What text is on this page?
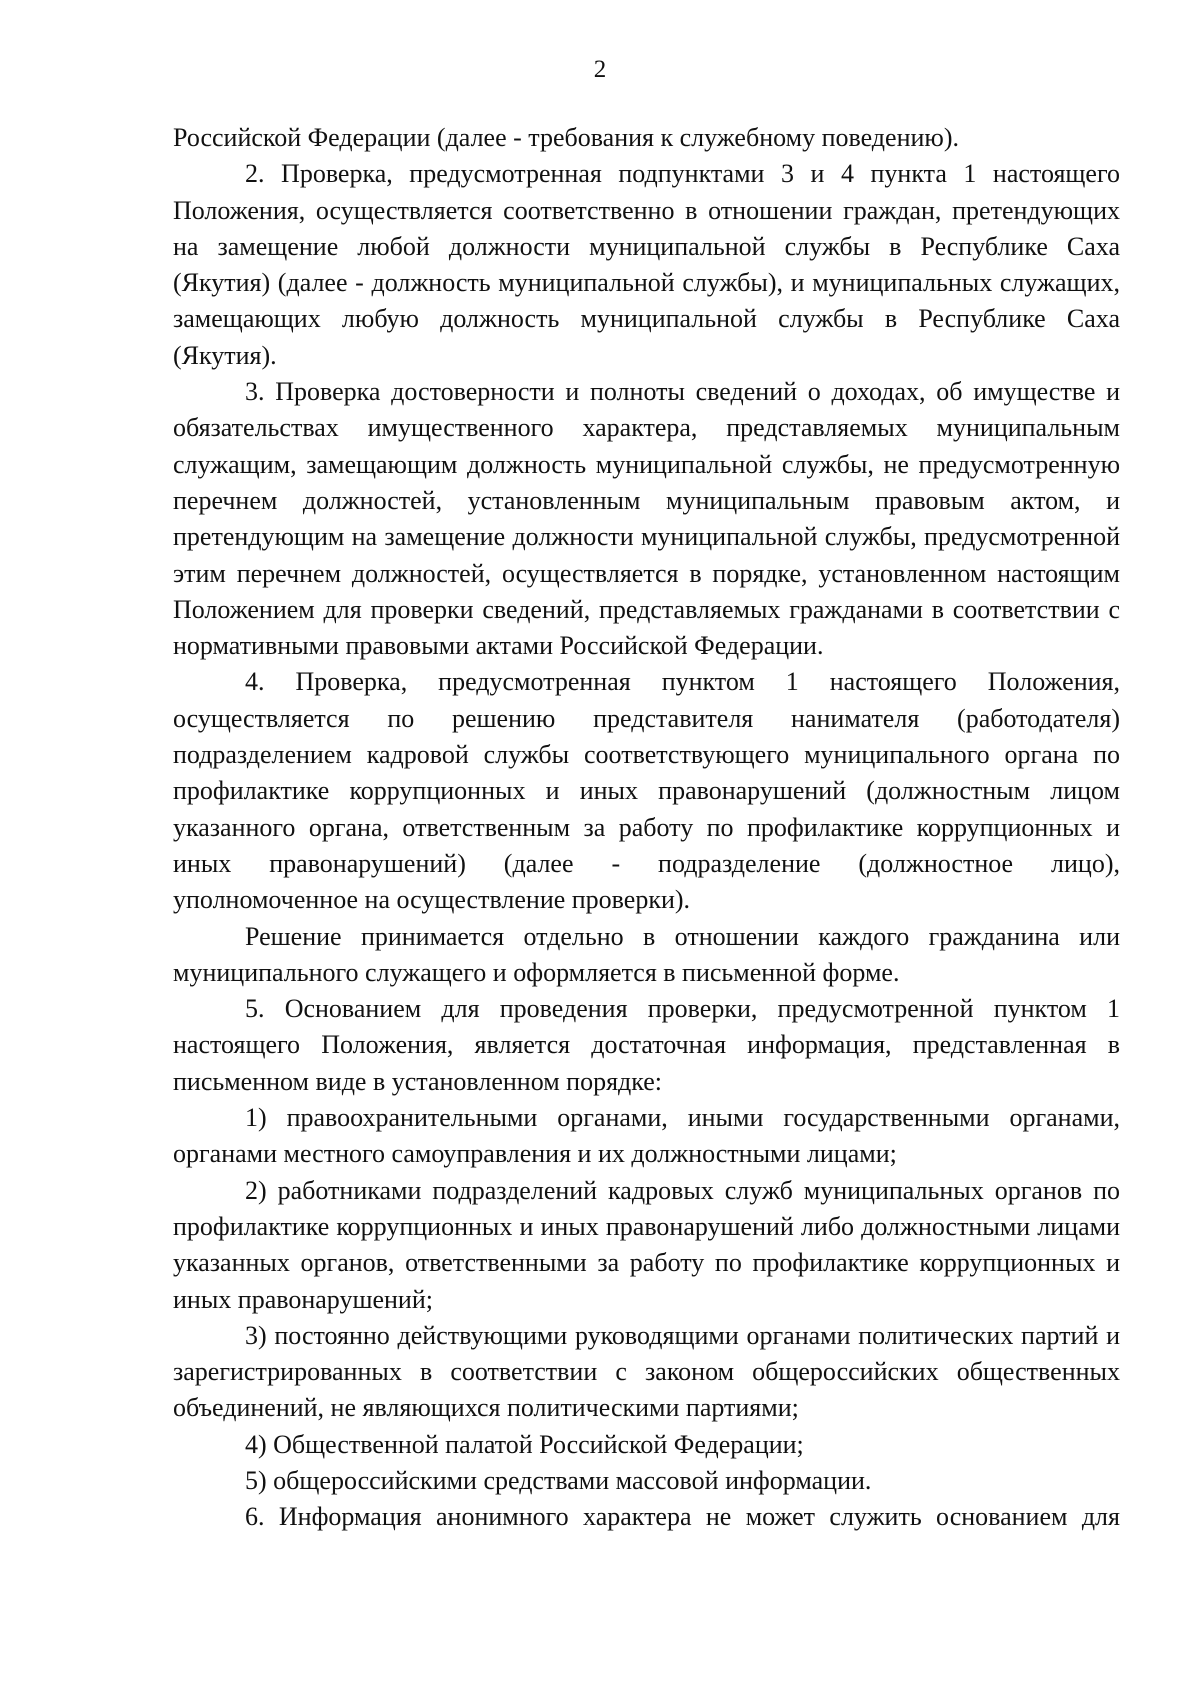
2

Российской Федерации (далее - требования к служебному поведению).

2. Проверка, предусмотренная подпунктами 3 и 4 пункта 1 настоящего Положения, осуществляется соответственно в отношении граждан, претендующих на замещение любой должности муниципальной службы в Республике Саха (Якутия) (далее - должность муниципальной службы), и муниципальных служащих, замещающих любую должность муниципальной службы в Республике Саха (Якутия).

3. Проверка достоверности и полноты сведений о доходах, об имуществе и обязательствах имущественного характера, представляемых муниципальным служащим, замещающим должность муниципальной службы, не предусмотренную перечнем должностей, установленным муниципальным правовым актом, и претендующим на замещение должности муниципальной службы, предусмотренной этим перечнем должностей, осуществляется в порядке, установленном настоящим Положением для проверки сведений, представляемых гражданами в соответствии с нормативными правовыми актами Российской Федерации.

4. Проверка, предусмотренная пунктом 1 настоящего Положения, осуществляется по решению представителя нанимателя (работодателя) подразделением кадровой службы соответствующего муниципального органа по профилактике коррупционных и иных правонарушений (должностным лицом указанного органа, ответственным за работу по профилактике коррупционных и иных правонарушений) (далее - подразделение (должностное лицо), уполномоченное на осуществление проверки).

Решение принимается отдельно в отношении каждого гражданина или муниципального служащего и оформляется в письменной форме.

5. Основанием для проведения проверки, предусмотренной пунктом 1 настоящего Положения, является достаточная информация, представленная в письменном виде в установленном порядке:

1) правоохранительными органами, иными государственными органами, органами местного самоуправления и их должностными лицами;

2) работниками подразделений кадровых служб муниципальных органов по профилактике коррупционных и иных правонарушений либо должностными лицами указанных органов, ответственными за работу по профилактике коррупционных и иных правонарушений;

3) постоянно действующими руководящими органами политических партий и зарегистрированных в соответствии с законом общероссийских общественных объединений, не являющихся политическими партиями;

4) Общественной палатой Российской Федерации;

5) общероссийскими средствами массовой информации.

6. Информация анонимного характера не может служить основанием для
